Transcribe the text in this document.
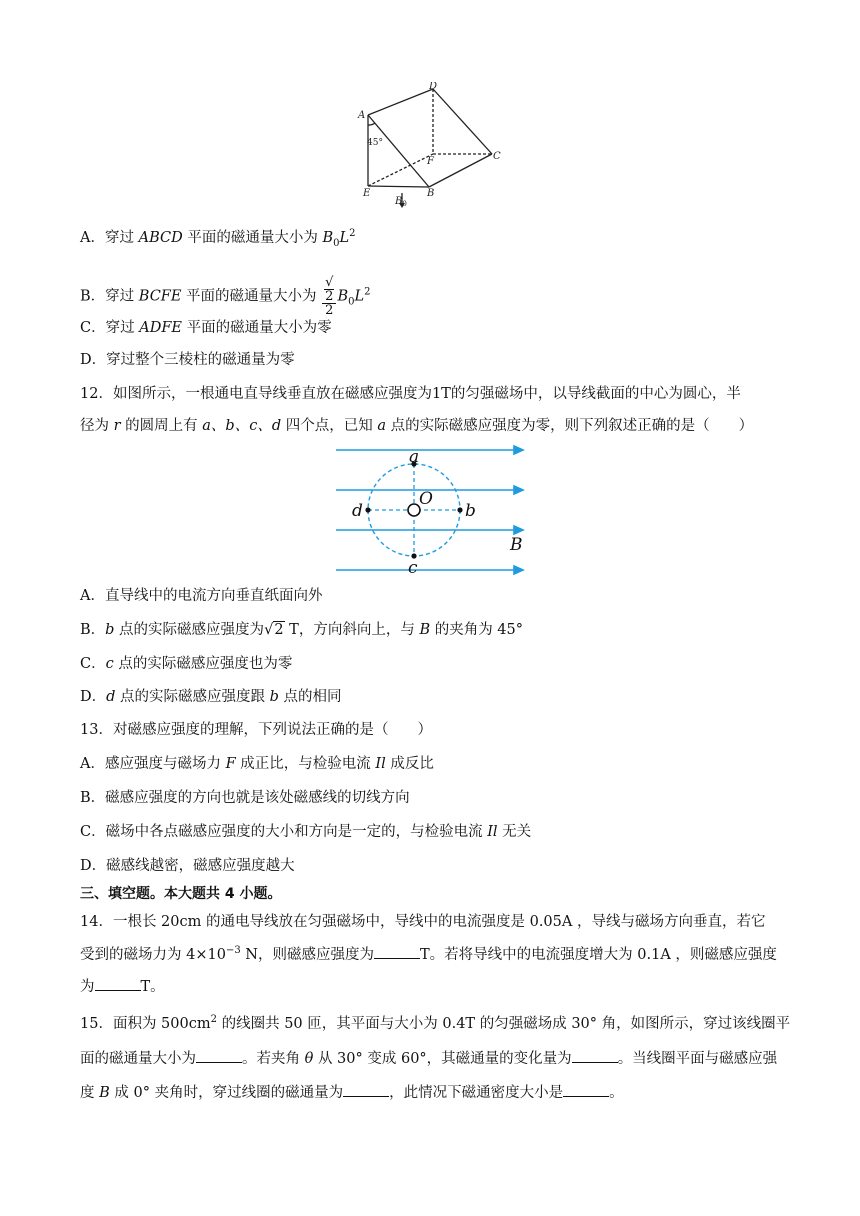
A
D
C
F
E	B
$B_0$
45°
A．穿过 ABCD 平面的磁通量大小为 $B_0L^2$
B．穿过 BCFE 平面的磁通量大小为 √
2
2 $B_0L^2$
C．穿过 ADFE 平面的磁通量大小为零
D．穿过整个三棱柱的磁通量为零
12．如图所示，一根通电直导线垂直放在磁感应强度为1T的匀强磁场中，以导线截面的中心为圆心，半
径为 r 的圆周上有 a、b、c、d 四个点，已知 a 点的实际磁感应强度为零，则下列叙述正确的是（　　）
a
O
d	b
c
B
A．直导线中的电流方向垂直纸面向外
B．b 点的实际磁感应强度为√2 T，方向斜向上，与 B 的夹角为 45°
C．c 点的实际磁感应强度也为零
D．d 点的实际磁感应强度跟 b 点的相同
13．对磁感应强度的理解，下列说法正确的是（　　）
A．感应强度与磁场力 F 成正比，与检验电流 Il 成反比
B．磁感应强度的方向也就是该处磁感线的切线方向
C．磁场中各点磁感应强度的大小和方向是一定的，与检验电流 Il 无关
D．磁感线越密，磁感应强度越大
三、填空题。本大题共 4 小题。
14．一根长 20cm 的通电导线放在匀强磁场中，导线中的电流强度是 0.05A ，导线与磁场方向垂直，若它
受到的磁场力为 $4\times 10^{-3}$ N，则磁感应强度为	T。若将导线中的电流强度增大为 0.1A ，则磁感应强度
为	T。
15．面积为 $500cm^2$ 的线圈共 50 匝，其平面与大小为 0.4T 的匀强磁场成 30° 角，如图所示，穿过该线圈平
面的磁通量大小为	。若夹角 θ 从 30° 变成 60°，其磁通量的变化量为	。当线圈平面与磁感应强
度 B 成 0° 夹角时，穿过线圈的磁通量为	，此情况下磁通密度大小是	。
